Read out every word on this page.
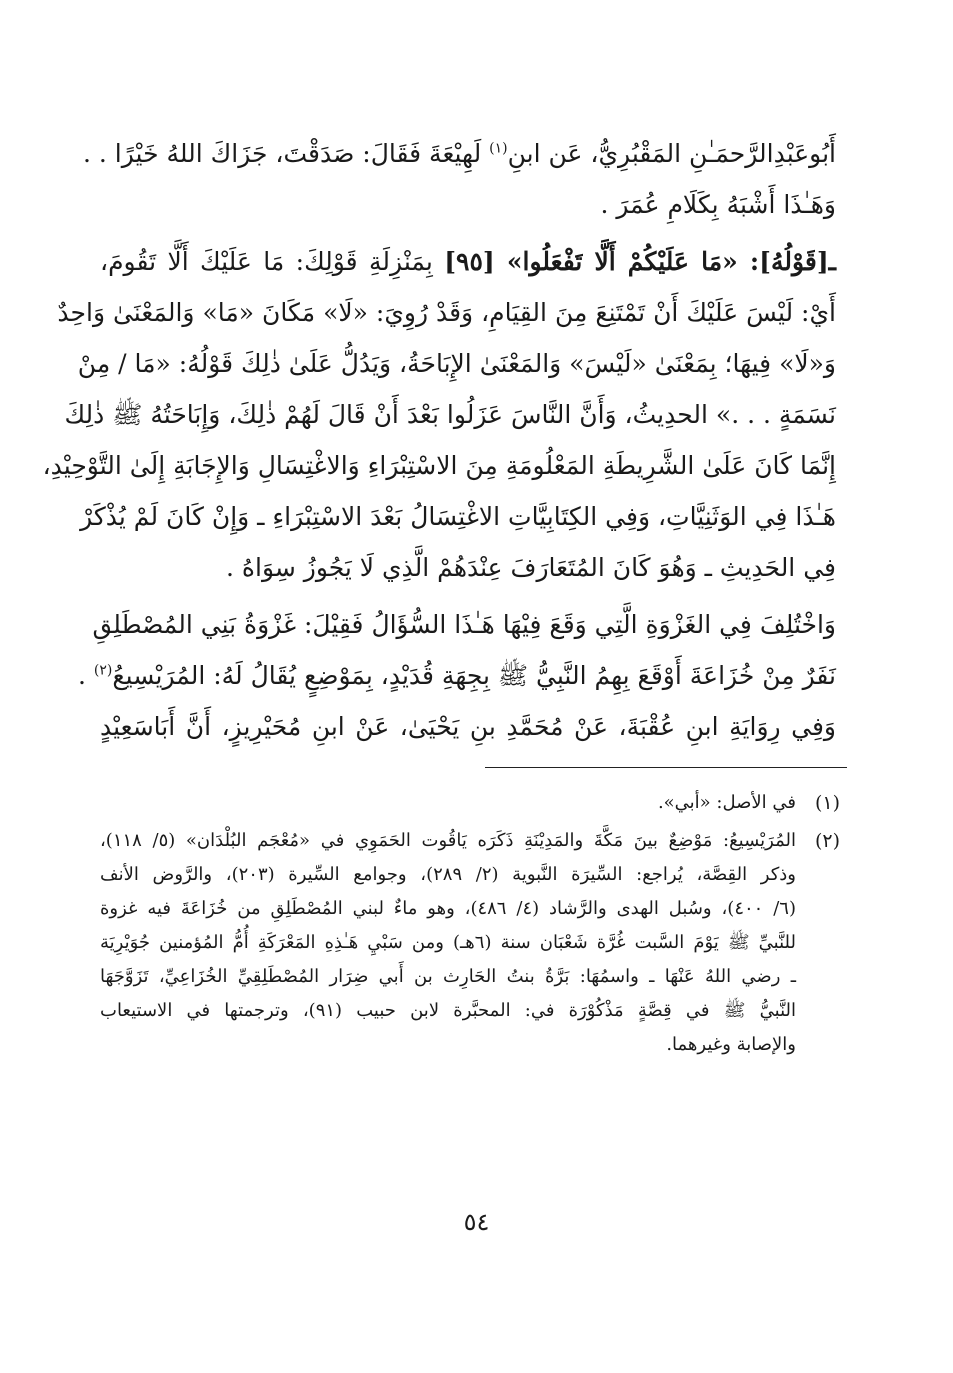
أَبُوعَبْدِالرَّحمَـٰنِ المَقْبُرِيُّ، عَن ابنِ$^{(١)}$ لَهِيْعَةَ فَقَالَ: صَدَقْتَ، جَزَاكَ اللهُ خَيْرًا . .
وَهَـٰذَا أَشْبَهُ بِكَلَامِ عُمَرَ .
ـ[قَوْلُهُ]: «مَا عَلَيْكُمْ أَلَّا تَفْعَلُوا» [٩٥] بِمَنْزِلَةِ قَوْلِكَ: مَا عَلَيْكَ أَلَّا تَقُومَ،
أَيْ: لَيْسَ عَلَيْكَ أَنْ تَمْتَنِعَ مِنَ القِيَامِ، وَقَدْ رُوِيَ: «لَا» مَكَانَ «مَا» وَالمَعْنَىٰ وَاحِدٌ
وَ«لَا» فِيهَا؛ بِمَعْنَىٰ «لَيْسَ» وَالمَعْنَىٰ الإِبَاحَةُ، وَيَدُلُّ عَلَىٰ ذٰلِكَ قَوْلُهُ: «مَا / مِنْ
نَسَمَةٍ . . .» الحدِيثُ، وَأَنَّ النَّاسَ عَزَلُوا بَعْدَ أَنْ قَالَ لَهُمْ ذٰلِكَ، وَإِبَاحَتُهُ ﷺ ذٰلِكَ
إِنَّمَا كَانَ عَلَىٰ الشَّرِيطَةِ المَعْلُومَةِ مِنَ الاسْتِبْرَاءِ وَالاغْتِسَالِ وَالإِجَابَةِ إِلَىٰ التَّوْحِيْدِ،
هَـٰذَا فِي الوَثَنِيَّاتِ، وَفِي الكِتَابِيَّاتِ الاغْتِسَالُ بَعْدَ الاسْتِبْرَاءِ ـ وَإِنْ كَانَ لَمْ يُذْكَرْ
فِي الحَدِيثِ ـ وَهُوَ كَانَ المُتَعَارَفَ عِنْدَهُمْ الَّذِي لَا يَجُوزُ سِوَاهُ .
وَاخْتُلِفَ فِي الغَزْوَةِ الَّتِي وَقَعَ فِيْهَا هَـٰذَا السُّؤَالُ فَقِيْلَ: غَزْوَةُ بَنِي المُصْطَلِقِ
نَفَرٌ مِنْ خُزَاعَةَ أَوْقَعَ بِهِمُ النَّبِيُّ ﷺ بِجِهَةِ قُدَيْدٍ، بِمَوْضِعٍ يُقَالُ لَهُ: المُرَيْسِيعُ$^{(٢)}$ .
وَفِي رِوَايَةِ ابنِ عُقْبَةَ، عَنْ مُحَمَّدِ بنِ يَحْيَىٰ، عَنْ ابنِ مُحَيْرِيزٍ، أَنَّ أَبَاسَعِيْدٍ
(١)
في الأصل: «أبي».
(٢)
المُرَيْسِيعُ: مَوْضِعٌ بينَ مَكَّةَ والمَدِيْنَةِ ذَكَرَه يَاقُوت الحَمَوِي في «مُعْجَم البُلْدَان» (٥/ ١١٨)،
وذكر القِصَّة، يُراجع: السِّيرَة النَّبوية (٢/ ٢٨٩)، وجوامع السِّيرة (٢٠٣)، والرَّوض الأنف
(٦/ ٤٠٠)، وسُبل الهدى والرَّشاد (٤/ ٤٨٦)، وهو ماءٌ لبني المُصْطَلِقِ من خُزَاعَةَ فيه غزوة
للنَّبيِّ ﷺ يَوْمَ السَّبت غُرَّة شَعْبَان سنة (٦هـ) ومن سَبْيِ هَـٰذِهِ المَعْرَكَةِ أُمُّ المُؤمنين جُوَيْرِيَة
ـ رضي اللهُ عَنْهَا ـ واسمُهَا: بَرَّةُ بنتُ الحَارِث بن أَبي ضِرَار المُصْطَلِقِيِّ الخُزَاعِيِّ، تَزَوَّجَهَا
النَّبيُّ ﷺ في قِصَّةٍ مَذْكُوْرَة في: المحبَّرة لابن حبيب (٩١)، وترجمتها في الاستيعاب
والإصابة وغيرهما.
٥٤
